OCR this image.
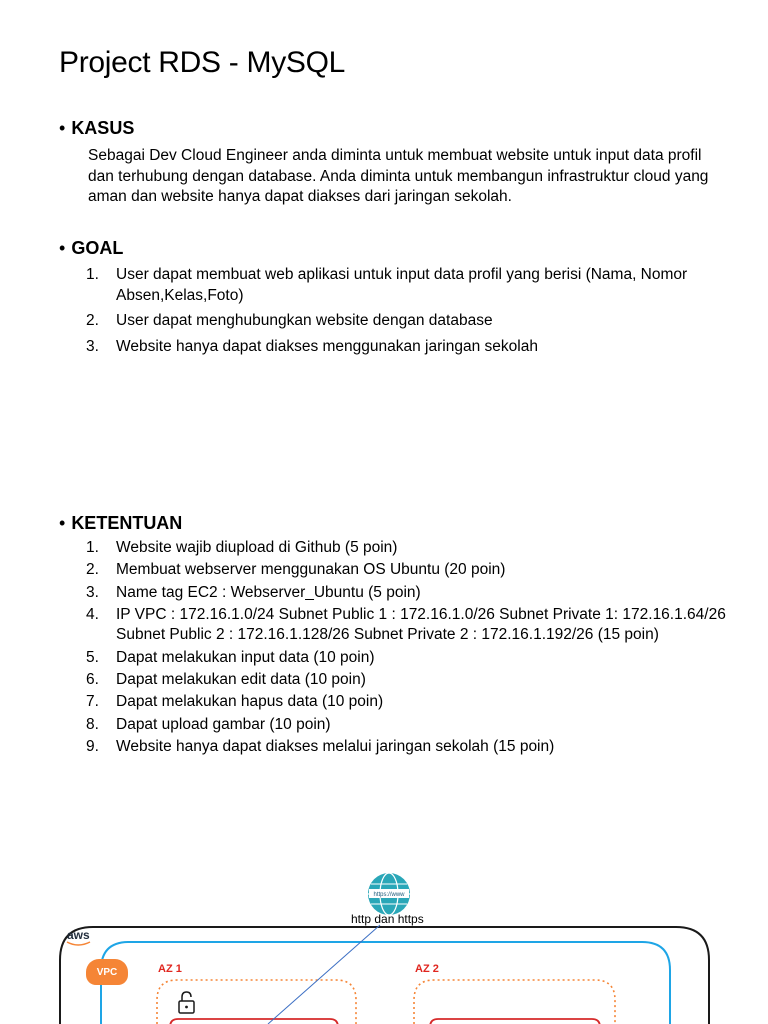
Project RDS - MySQL
• KASUS
Sebagai Dev Cloud Engineer anda diminta untuk membuat website untuk input data profil dan terhubung dengan database. Anda diminta untuk membangun infrastruktur cloud yang aman dan website hanya dapat diakses dari jaringan sekolah.
• GOAL
1. User dapat membuat web aplikasi untuk input data profil yang berisi (Nama, Nomor Absen,Kelas,Foto)
2. User dapat menghubungkan website dengan database
3. Website hanya dapat diakses menggunakan jaringan sekolah
• KETENTUAN
1. Website wajib diupload di Github (5 poin)
2. Membuat webserver menggunakan OS Ubuntu (20 poin)
3. Name tag EC2 : Webserver_Ubuntu (5 poin)
4. IP VPC : 172.16.1.0/24 Subnet Public 1 : 172.16.1.0/26 Subnet Private 1: 172.16.1.64/26 Subnet Public 2 : 172.16.1.128/26 Subnet Private 2 : 172.16.1.192/26 (15 poin)
5. Dapat melakukan input data (10 poin)
6. Dapat melakukan edit data (10 poin)
7. Dapat melakukan hapus data (10 poin)
8. Dapat upload gambar (10 poin)
9. Website hanya dapat diakses melalui jaringan sekolah (15 poin)
https://www
http dan https
aws
VPC	AZ 1	AZ 2
